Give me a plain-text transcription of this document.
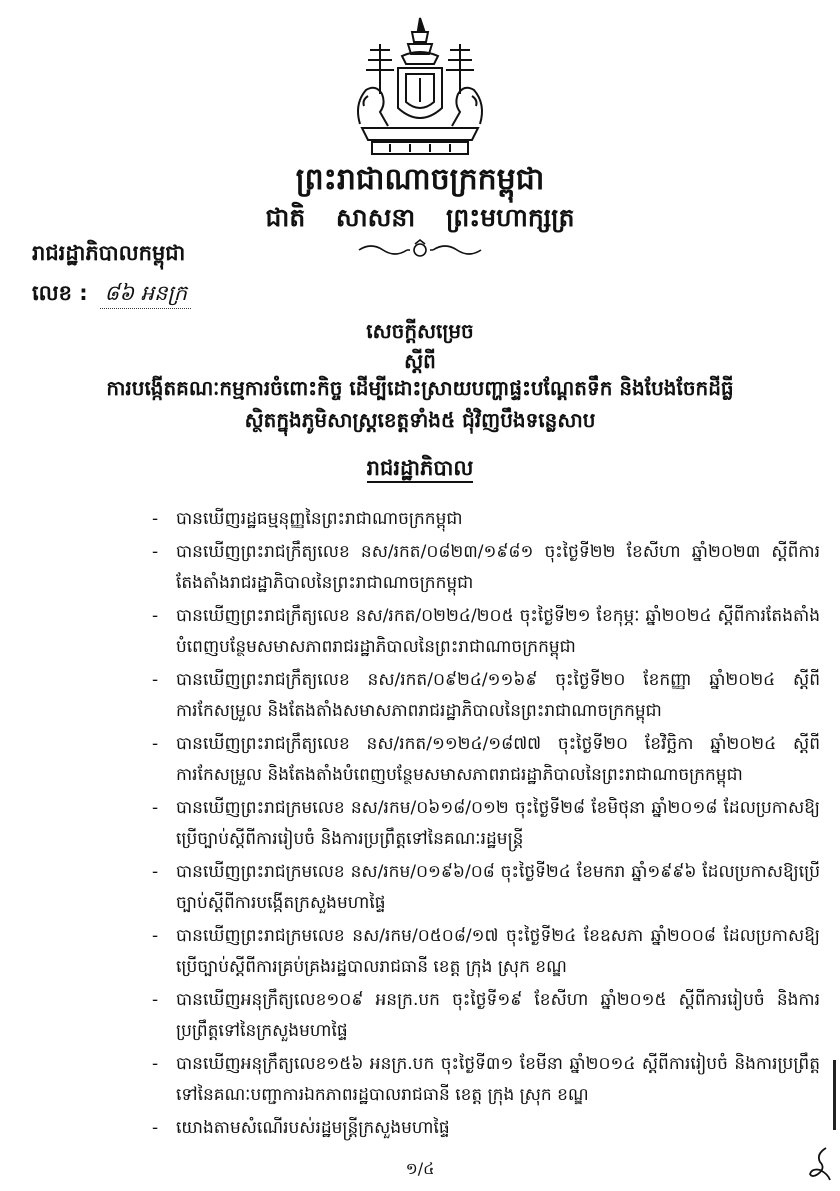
ព្រះរាជាណាចក្រកម្ពុជា
ជាតិ សាសនា ព្រះមហាក្សត្រ
រាជរដ្ឋាភិបាលកម្ពុជា
លេខ : ៨៦ អនក្រ
សេចក្ដីសម្រេច
ស្ដីពី
ការបង្កើតគណៈកម្មការចំពោះកិច្ច ដើម្បីដោះស្រាយបញ្ហាផ្ទះបណ្ដែតទឹក និងបែងចែកដីធ្លី
ស្ថិតក្នុងភូមិសាស្ត្រខេត្តទាំង៥ ជុំវិញបឹងទន្លេសាប
រាជរដ្ឋាភិបាល
- បានឃើញរដ្ឋធម្មនុញ្ញនៃព្រះរាជាណាចក្រកម្ពុជា
- បានឃើញព្រះរាជក្រឹត្យលេខ នស/រកត/០៨២៣/១៩៨១ ចុះថ្ងៃទី២២ ខែសីហា ឆ្នាំ២០២៣ ស្ដីពីការតែងតាំងរាជរដ្ឋាភិបាលនៃព្រះរាជាណាចក្រកម្ពុជា
- បានឃើញព្រះរាជក្រឹត្យលេខ នស/រកត/០២២៤/២០៥ ចុះថ្ងៃទី២១ ខែកុម្ភៈ ឆ្នាំ២០២៤ ស្ដីពីការតែងតាំងបំពេញបន្ថែមសមាសភាពរាជរដ្ឋាភិបាលនៃព្រះរាជាណាចក្រកម្ពុជា
- បានឃើញព្រះរាជក្រឹត្យលេខ នស/រកត/០៩២៤/១១៦៩ ចុះថ្ងៃទី២០ ខែកញ្ញា ឆ្នាំ២០២៤ ស្ដីពីការកែសម្រួល និងតែងតាំងសមាសភាពរាជរដ្ឋាភិបាលនៃព្រះរាជាណាចក្រកម្ពុជា
- បានឃើញព្រះរាជក្រឹត្យលេខ នស/រកត/១១២៤/១៨៧៧ ចុះថ្ងៃទី២០ ខែវិច្ឆិកា ឆ្នាំ២០២៤ ស្ដីពីការកែសម្រួល និងតែងតាំងបំពេញបន្ថែមសមាសភាពរាជរដ្ឋាភិបាលនៃព្រះរាជាណាចក្រកម្ពុជា
- បានឃើញព្រះរាជក្រមលេខ នស/រកម/០៦១៨/០១២ ចុះថ្ងៃទី២៨ ខែមិថុនា ឆ្នាំ២០១៨ ដែលប្រកាសឱ្យប្រើច្បាប់ស្ដីពីការរៀបចំ និងការប្រព្រឹត្តទៅនៃគណៈរដ្ឋមន្ត្រី
- បានឃើញព្រះរាជក្រមលេខ នស/រកម/០១៩៦/០៨ ចុះថ្ងៃទី២៤ ខែមករា ឆ្នាំ១៩៩៦ ដែលប្រកាសឱ្យប្រើច្បាប់ស្ដីពីការបង្កើតក្រសួងមហាផ្ទៃ
- បានឃើញព្រះរាជក្រមលេខ នស/រកម/០៥០៨/១៧ ចុះថ្ងៃទី២៤ ខែឧសភា ឆ្នាំ២០០៨ ដែលប្រកាសឱ្យប្រើច្បាប់ស្ដីពីការគ្រប់គ្រងរដ្ឋបាលរាជធានី ខេត្ត ក្រុង ស្រុក ខណ្ឌ
- បានឃើញអនុក្រឹត្យលេខ១០៩ អនក្រ.បក ចុះថ្ងៃទី១៩ ខែសីហា ឆ្នាំ២០១៥ ស្ដីពីការរៀបចំ និងការប្រព្រឹត្តទៅនៃក្រសួងមហាផ្ទៃ
- បានឃើញអនុក្រឹត្យលេខ១៥៦ អនក្រ.បក ចុះថ្ងៃទី៣១ ខែមីនា ឆ្នាំ២០១៤ ស្ដីពីការរៀបចំ និងការប្រព្រឹត្តទៅនៃគណៈបញ្ជាការឯកភាពរដ្ឋបាលរាជធានី ខេត្ត ក្រុង ស្រុក ខណ្ឌ
- យោងតាមសំណើរបស់រដ្ឋមន្ត្រីក្រសួងមហាផ្ទៃ
១/៤
